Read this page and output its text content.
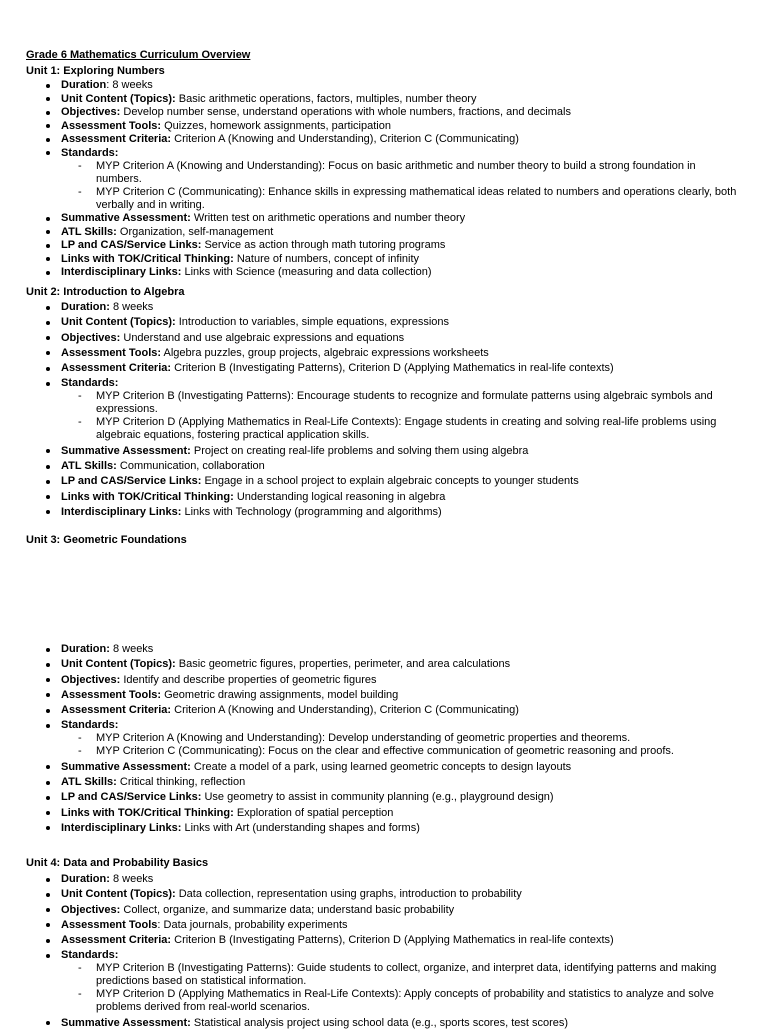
Grade 6 Mathematics Curriculum Overview
Unit 1: Exploring Numbers
Duration: 8 weeks
Unit Content (Topics): Basic arithmetic operations, factors, multiples, number theory
Objectives: Develop number sense, understand operations with whole numbers, fractions, and decimals
Assessment Tools: Quizzes, homework assignments, participation
Assessment Criteria: Criterion A (Knowing and Understanding), Criterion C (Communicating)
Standards:
- MYP Criterion A (Knowing and Understanding): Focus on basic arithmetic and number theory to build a strong foundation in numbers.
- MYP Criterion C (Communicating): Enhance skills in expressing mathematical ideas related to numbers and operations clearly, both verbally and in writing.
Summative Assessment: Written test on arithmetic operations and number theory
ATL Skills: Organization, self-management
LP and CAS/Service Links: Service as action through math tutoring programs
Links with TOK/Critical Thinking: Nature of numbers, concept of infinity
Interdisciplinary Links: Links with Science (measuring and data collection)
Unit 2: Introduction to Algebra
Duration: 8 weeks
Unit Content (Topics): Introduction to variables, simple equations, expressions
Objectives: Understand and use algebraic expressions and equations
Assessment Tools: Algebra puzzles, group projects, algebraic expressions worksheets
Assessment Criteria: Criterion B (Investigating Patterns), Criterion D (Applying Mathematics in real-life contexts)
Standards:
- MYP Criterion B (Investigating Patterns): Encourage students to recognize and formulate patterns using algebraic symbols and expressions.
- MYP Criterion D (Applying Mathematics in Real-Life Contexts): Engage students in creating and solving real-life problems using algebraic equations, fostering practical application skills.
Summative Assessment: Project on creating real-life problems and solving them using algebra
ATL Skills: Communication, collaboration
LP and CAS/Service Links: Engage in a school project to explain algebraic concepts to younger students
Links with TOK/Critical Thinking: Understanding logical reasoning in algebra
Interdisciplinary Links: Links with Technology (programming and algorithms)
Unit 3: Geometric Foundations
Duration: 8 weeks
Unit Content (Topics): Basic geometric figures, properties, perimeter, and area calculations
Objectives: Identify and describe properties of geometric figures
Assessment Tools: Geometric drawing assignments, model building
Assessment Criteria: Criterion A (Knowing and Understanding), Criterion C (Communicating)
Standards:
- MYP Criterion A (Knowing and Understanding): Develop understanding of geometric properties and theorems.
- MYP Criterion C (Communicating): Focus on the clear and effective communication of geometric reasoning and proofs.
Summative Assessment: Create a model of a park, using learned geometric concepts to design layouts
ATL Skills: Critical thinking, reflection
LP and CAS/Service Links: Use geometry to assist in community planning (e.g., playground design)
Links with TOK/Critical Thinking: Exploration of spatial perception
Interdisciplinary Links: Links with Art (understanding shapes and forms)
Unit 4: Data and Probability Basics
Duration: 8 weeks
Unit Content (Topics): Data collection, representation using graphs, introduction to probability
Objectives: Collect, organize, and summarize data; understand basic probability
Assessment Tools: Data journals, probability experiments
Assessment Criteria: Criterion B (Investigating Patterns), Criterion D (Applying Mathematics in real-life contexts)
Standards:
- MYP Criterion B (Investigating Patterns): Guide students to collect, organize, and interpret data, identifying patterns and making predictions based on statistical information.
- MYP Criterion D (Applying Mathematics in Real-Life Contexts): Apply concepts of probability and statistics to analyze and solve problems derived from real-world scenarios.
Summative Assessment: Statistical analysis project using school data (e.g., sports scores, test scores)
